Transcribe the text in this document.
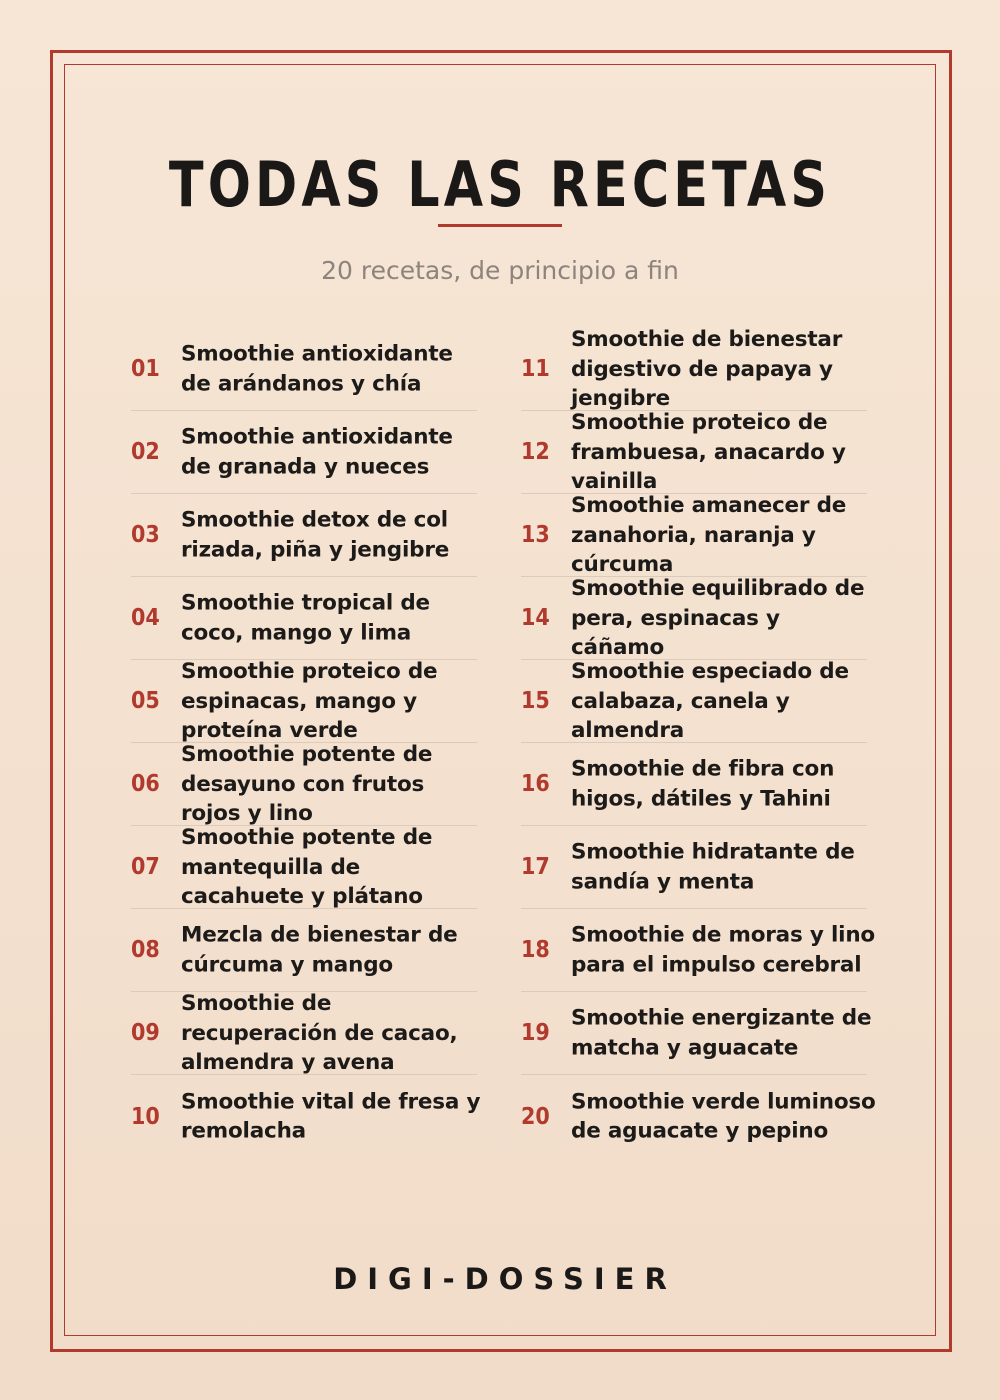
TODAS LAS RECETAS
20 recetas, de principio a fin
01
Smoothie antioxidante de arándanos y chía
02
Smoothie antioxidante de granada y nueces
03
Smoothie detox de col rizada, piña y jengibre
04
Smoothie tropical de coco, mango y lima
05
Smoothie proteico de espinacas, mango y proteína verde
06
Smoothie potente de desayuno con frutos rojos y lino
07
Smoothie potente de mantequilla de cacahuete y plátano
08
Mezcla de bienestar de cúrcuma y mango
09
Smoothie de recuperación de cacao, almendra y avena
10
Smoothie vital de fresa y remolacha
11
Smoothie de bienestar digestivo de papaya y jengibre
12
Smoothie proteico de frambuesa, anacardo y vainilla
13
Smoothie amanecer de zanahoria, naranja y cúrcuma
14
Smoothie equilibrado de pera, espinacas y cáñamo
15
Smoothie especiado de calabaza, canela y almendra
16
Smoothie de fibra con higos, dátiles y Tahini
17
Smoothie hidratante de sandía y menta
18
Smoothie de moras y lino para el impulso cerebral
19
Smoothie energizante de matcha y aguacate
20
Smoothie verde luminoso de aguacate y pepino
DIGI-DOSSIER
